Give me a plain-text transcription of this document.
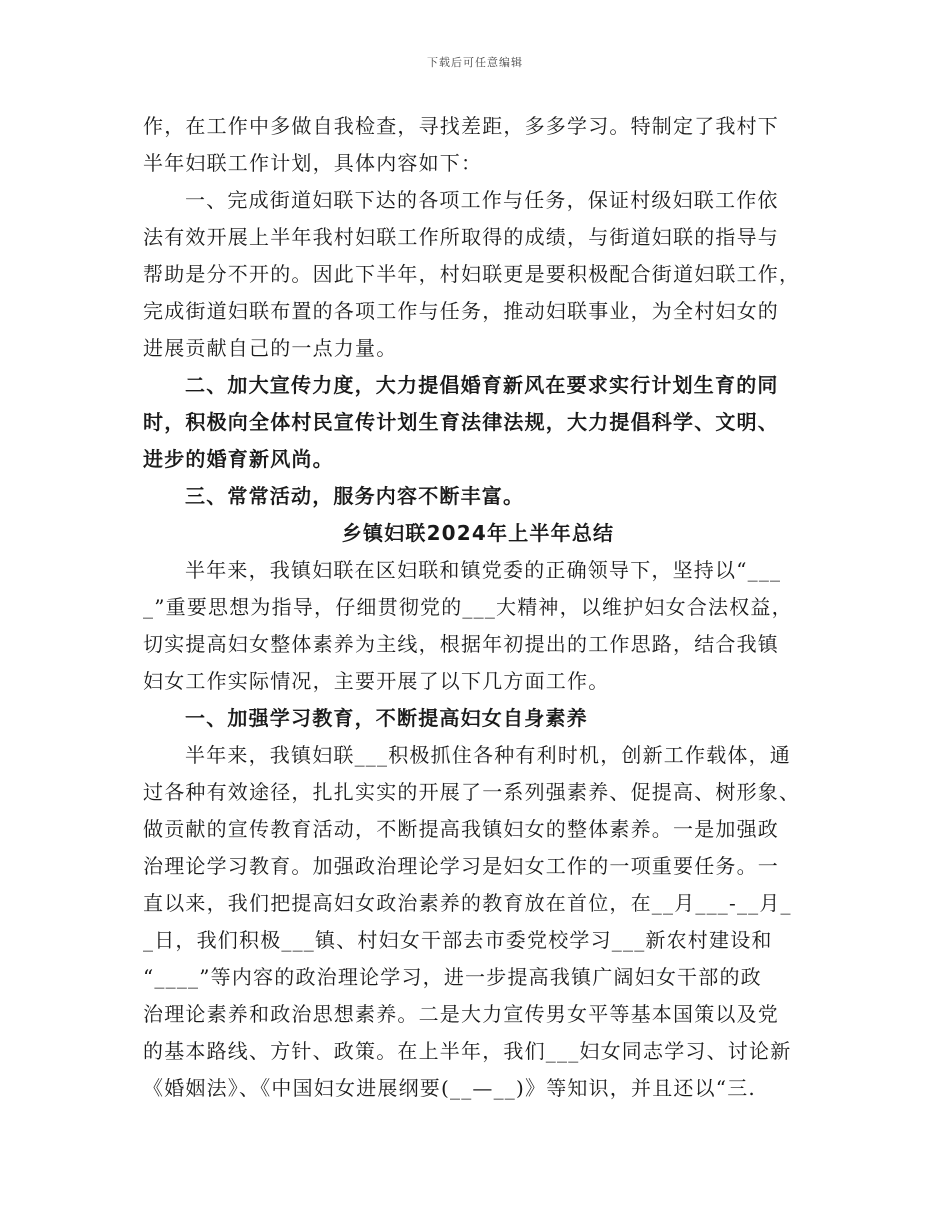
下载后可任意编辑
作，在工作中多做自我检查，寻找差距，多多学习。特制定了我村下
半年妇联工作计划，具体内容如下：
一、完成街道妇联下达的各项工作与任务，保证村级妇联工作依
法有效开展上半年我村妇联工作所取得的成绩，与街道妇联的指导与
帮助是分不开的。因此下半年，村妇联更是要积极配合街道妇联工作，
完成街道妇联布置的各项工作与任务，推动妇联事业，为全村妇女的
进展贡献自己的一点力量。
二、加大宣传力度，大力提倡婚育新风在要求实行计划生育的同
时，积极向全体村民宣传计划生育法律法规，大力提倡科学、文明、
进步的婚育新风尚。
三、常常活动，服务内容不断丰富。
乡镇妇联2024年上半年总结
半年来，我镇妇联在区妇联和镇党委的正确领导下，坚持以“___
_”重要思想为指导，仔细贯彻党的___大精神，以维护妇女合法权益，
切实提高妇女整体素养为主线，根据年初提出的工作思路，结合我镇
妇女工作实际情况，主要开展了以下几方面工作。
一、加强学习教育，不断提高妇女自身素养
半年来，我镇妇联___积极抓住各种有利时机，创新工作载体，通
过各种有效途径，扎扎实实的开展了一系列强素养、促提高、树形象、
做贡献的宣传教育活动，不断提高我镇妇女的整体素养。一是加强政
治理论学习教育。加强政治理论学习是妇女工作的一项重要任务。一
直以来，我们把提高妇女政治素养的教育放在首位，在__月___-__月_
_日，我们积极___镇、村妇女干部去市委党校学习___新农村建设和
“____”等内容的政治理论学习，进一步提高我镇广阔妇女干部的政
治理论素养和政治思想素养。二是大力宣传男女平等基本国策以及党
的基本路线、方针、政策。在上半年，我们___妇女同志学习、讨论新
《婚姻法》、《中国妇女进展纲要(__—__)》等知识，并且还以“三.
